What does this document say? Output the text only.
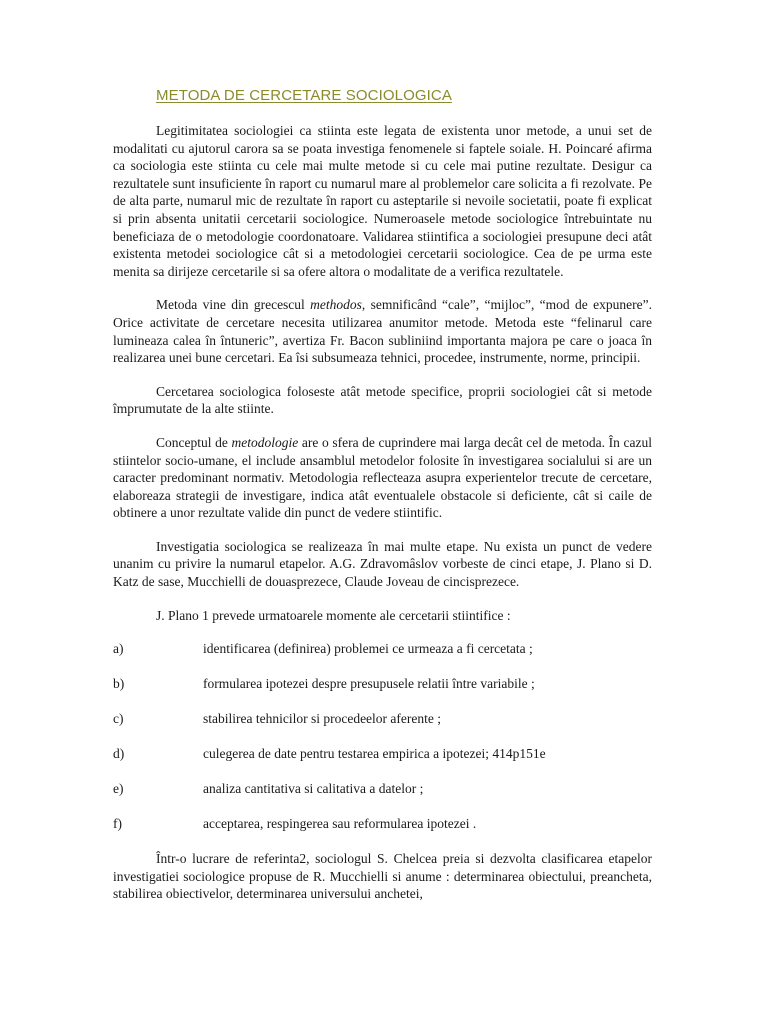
METODA DE CERCETARE SOCIOLOGICA

Legitimitatea sociologiei ca stiinta este legata de existenta unor metode, a unui set de modalitati cu ajutorul carora sa se poata investiga fenomenele si faptele soiale. H. Poincaré afirma ca sociologia este stiinta cu cele mai multe metode si cu cele mai putine rezultate. Desigur ca rezultatele sunt insuficiente în raport cu numarul mare al problemelor care solicita a fi rezolvate. Pe de alta parte, numarul mic de rezultate în raport cu asteptarile si nevoile societatii, poate fi explicat si prin absenta unitatii cercetarii sociologice. Numeroasele metode sociologice întrebuintate nu beneficiaza de o metodologie coordonatoare. Validarea stiintifica a sociologiei presupune deci atât existenta metodei sociologice cât si a metodologiei cercetarii sociologice. Cea de pe urma este menita sa dirijeze cercetarile si sa ofere altora o modalitate de a verifica rezultatele.

Metoda vine din grecescul methodos, semnificând “cale”, “mijloc”, “mod de expunere”. Orice activitate de cercetare necesita utilizarea anumitor metode. Metoda este “felinarul care lumineaza calea în întuneric”, avertiza Fr. Bacon subliniind importanta majora pe care o joaca în realizarea unei bune cercetari. Ea îsi subsumeaza tehnici, procedee, instrumente, norme, principii.

Cercetarea sociologica foloseste atât metode specifice, proprii sociologiei cât si metode împrumutate de la alte stiinte.

Conceptul de metodologie are o sfera de cuprindere mai larga decât cel de metoda. În cazul stiintelor socio-umane, el include ansamblul metodelor folosite în investigarea socialului si are un caracter predominant normativ. Metodologia reflecteaza asupra experientelor trecute de cercetare, elaboreaza strategii de investigare, indica atât eventualele obstacole si deficiente, cât si caile de obtinere a unor rezultate valide din punct de vedere stiintific.

Investigatia sociologica se realizeaza în mai multe etape. Nu exista un punct de vedere unanim cu privire la numarul etapelor. A.G. Zdravomâslov vorbeste de cinci etape, J. Plano si D. Katz de sase, Mucchielli de douasprezece, Claude Joveau de cincisprezece.

J. Plano 1 prevede urmatoarele momente ale cercetarii stiintifice :

a)	identificarea (definirea) problemei ce urmeaza a fi cercetata ;
b)	formularea ipotezei despre presupusele relatii între variabile ;
c)	stabilirea tehnicilor si procedeelor aferente ;
d)	culegerea de date pentru testarea empirica a ipotezei; 414p151e
e)	analiza cantitativa si calitativa a datelor ;
f)	acceptarea, respingerea sau reformularea ipotezei .

Într-o lucrare de referinta2, sociologul S. Chelcea preia si dezvolta clasificarea etapelor investigatiei sociologice propuse de R. Mucchielli si anume : determinarea obiectului, preancheta, stabilirea obiectivelor, determinarea universului anchetei,
